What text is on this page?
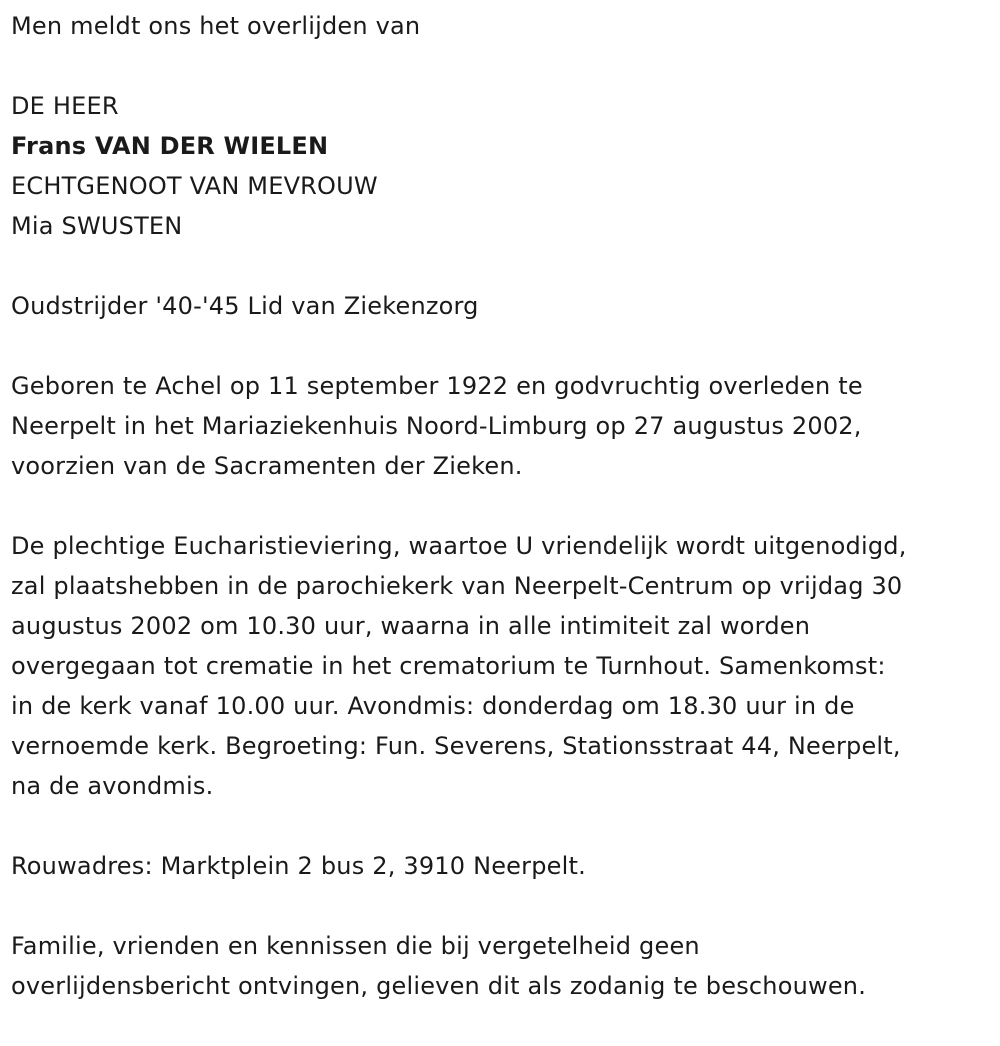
Men meldt ons het overlijden van
DE HEER
Frans VAN DER WIELEN
ECHTGENOOT VAN MEVROUW
Mia SWUSTEN
Oudstrijder '40-'45 Lid van Ziekenzorg
Geboren te Achel op 11 september 1922 en godvruchtig overleden te
Neerpelt in het Mariaziekenhuis Noord-Limburg op 27 augustus 2002,
voorzien van de Sacramenten der Zieken.
De plechtige Eucharistieviering, waartoe U vriendelijk wordt uitgenodigd,
zal plaatshebben in de parochiekerk van Neerpelt-Centrum op vrijdag 30
augustus 2002 om 10.30 uur, waarna in alle intimiteit zal worden
overgegaan tot crematie in het crematorium te Turnhout. Samenkomst:
in de kerk vanaf 10.00 uur. Avondmis: donderdag om 18.30 uur in de
vernoemde kerk. Begroeting: Fun. Severens, Stationsstraat 44, Neerpelt,
na de avondmis.
Rouwadres: Marktplein 2 bus 2, 3910 Neerpelt.
Familie, vrienden en kennissen die bij vergetelheid geen
overlijdensbericht ontvingen, gelieven dit als zodanig te beschouwen.
